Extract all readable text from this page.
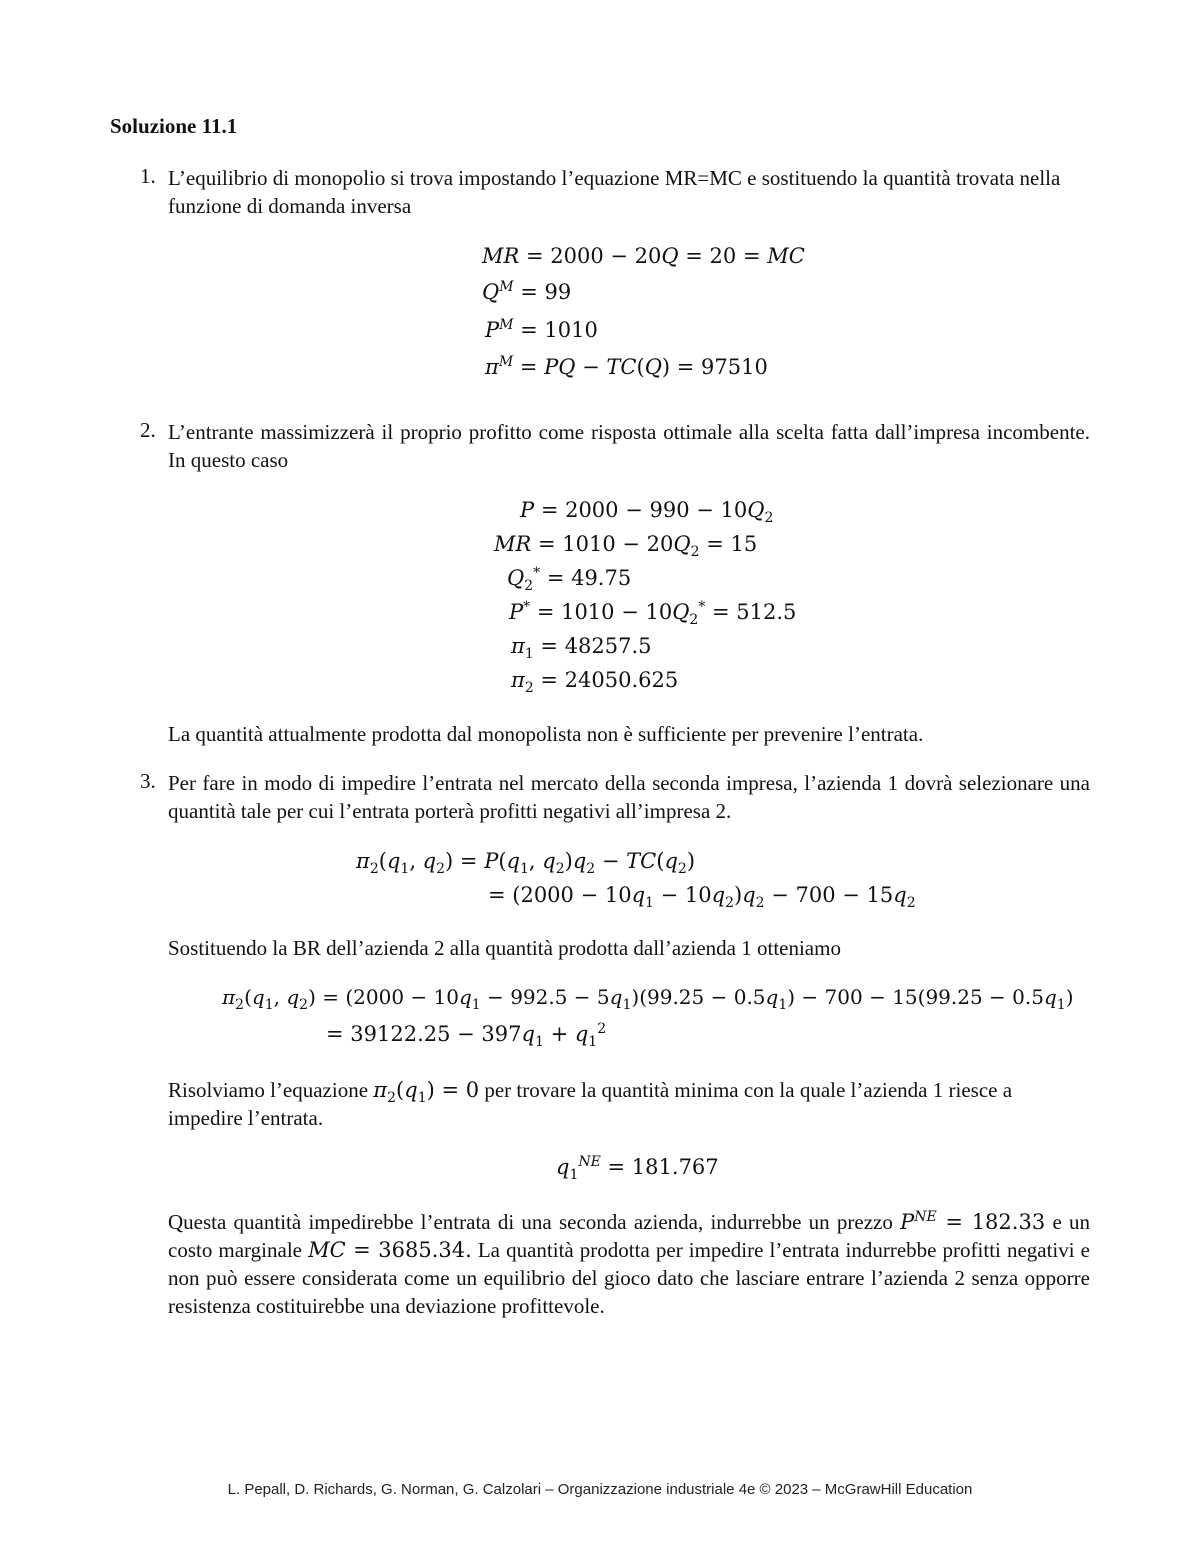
Soluzione 11.1
1. L’equilibrio di monopolio si trova impostando l’equazione MR=MC e sostituendo la quantità trovata nella funzione di domanda inversa
MR = 2000 − 20Q = 20 = MC
$Q^M = 99$
$P^M = 1010$
$\pi^M$ = PQ − TC(Q) = 97510
2. L’entrante massimizzerà il proprio profitto come risposta ottimale alla scelta fatta dall’impresa incombente. In questo caso
$P = 2000 - 990 - 10Q_2$
MR = $1010 - 20Q_2 = 15$
$Q_2^* = 49.75$
$P^* = 1010 - 10Q_2^* = 512.5$
$\pi_1 = 48257.5$
$\pi_2 = 24050.625$
La quantità attualmente prodotta dal monopolista non è sufficiente per prevenire l’entrata.
3. Per fare in modo di impedire l’entrata nel mercato della seconda impresa, l’azienda 1 dovrà selezionare una quantità tale per cui l’entrata porterà profitti negativi all’impresa 2.
$\pi_2(q_1$, $q_2) = P(q_1$, $q_2)q_2 - TC(q_2)$
= $(2000 - 10q_1 - 10q_2)q_2 - 700 - 15q_2$
Sostituendo la BR dell’azienda 2 alla quantità prodotta dall’azienda 1 otteniamo
$\pi_2(q_1$, $q_2) = (2000 - 10q_1 - 992.5 - 5q_1)(99.25 - 0.5q_1) - 700 - 15(99.25 - 0.5q_1)$
= $39122.25 - 397q_1 + q_1^2$
Risolviamo l’equazione $\pi_2(q_1) = 0$ per trovare la quantità minima con la quale l’azienda 1 riesce a impedire l’entrata.
$q_1^{NE} = 181.767$
Questa quantità impedirebbe l’entrata di una seconda azienda, indurrebbe un prezzo $P^{NE} = 182.33$ e un costo marginale MC = 3685.34. La quantità prodotta per impedire l’entrata indurrebbe profitti negativi e non può essere considerata come un equilibrio del gioco dato che lasciare entrare l’azienda 2 senza opporre resistenza costituirebbe una deviazione profittevole.
L. Pepall, D. Richards, G. Norman, G. Calzolari – Organizzazione industriale 4e © 2023 – McGrawHill Education
